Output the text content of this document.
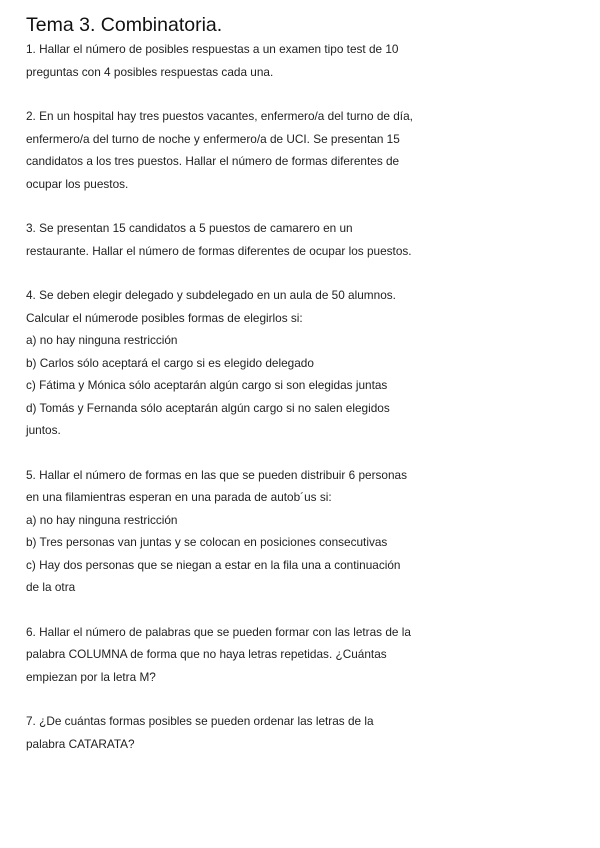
Tema 3. Combinatoria.
1. Hallar el número de posibles respuestas a un examen tipo test de 10
preguntas con 4 posibles respuestas cada una.
2. En un hospital hay tres puestos vacantes, enfermero/a del turno de día,
enfermero/a del turno de noche y enfermero/a de UCI. Se presentan 15
candidatos a los tres puestos. Hallar el número de formas diferentes de
ocupar los puestos.
3. Se presentan 15 candidatos a 5 puestos de camarero en un
restaurante. Hallar el número de formas diferentes de ocupar los puestos.
4. Se deben elegir delegado y subdelegado en un aula de 50 alumnos.
Calcular el númerode posibles formas de elegirlos si:
a) no hay ninguna restricción
b) Carlos sólo aceptará el cargo si es elegido delegado
c) Fátima y Mónica sólo aceptarán algún cargo si son elegidas juntas
d) Tomás y Fernanda sólo aceptarán algún cargo si no salen elegidos
juntos.
5. Hallar el número de formas en las que se pueden distribuir 6 personas
en una filamientras esperan en una parada de autob´us si:
a) no hay ninguna restricción
b) Tres personas van juntas y se colocan en posiciones consecutivas
c) Hay dos personas que se niegan a estar en la fila una a continuación
de la otra
6. Hallar el número de palabras que se pueden formar con las letras de la
palabra COLUMNA de forma que no haya letras repetidas. ¿Cuántas
empiezan por la letra M?
7. ¿De cuántas formas posibles se pueden ordenar las letras de la
palabra CATARATA?
